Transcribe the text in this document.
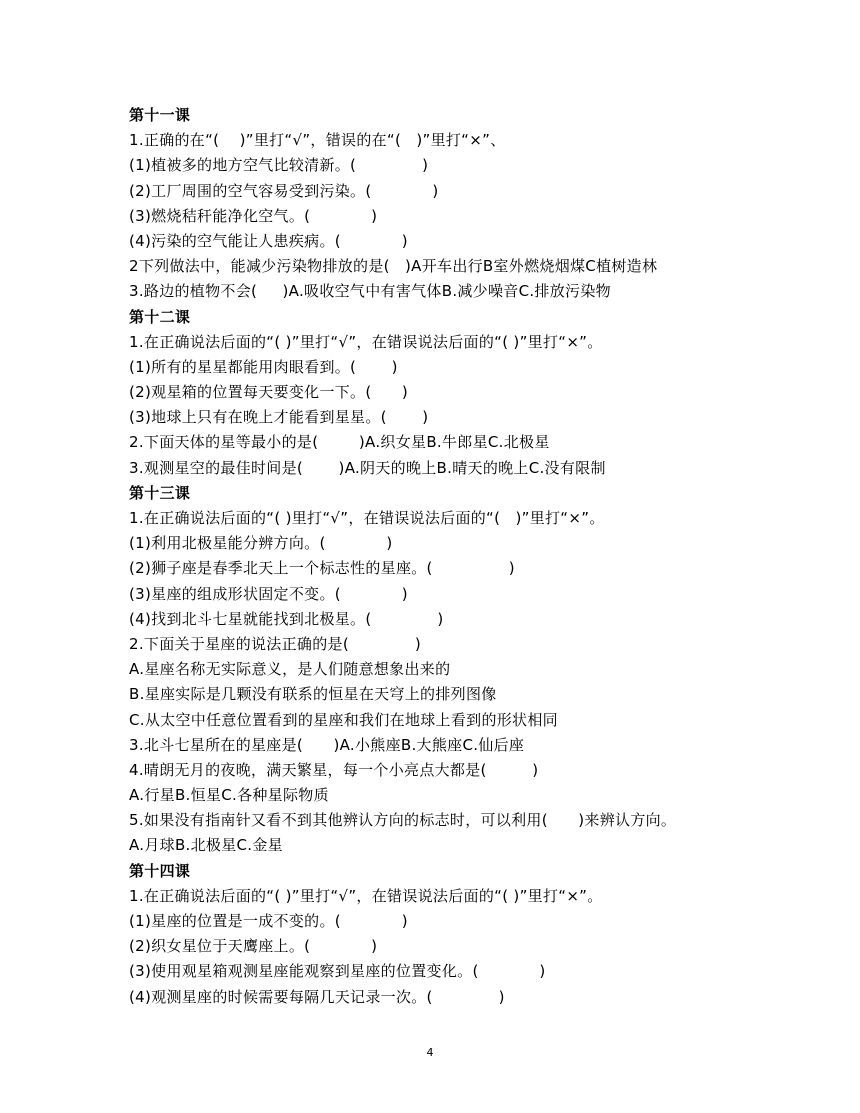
第十一课
1.正确的在“(    )”里打“√”，错误的在“(   )”里打“×”、
(1)植被多的地方空气比较清新。(             )
(2)工厂周围的空气容易受到污染。(            )
(3)燃烧秸秆能净化空气。(            )
(4)污染的空气能让人患疾病。(            )
2下列做法中，能减少污染物排放的是(   )A开车出行B室外燃烧烟煤C植树造林
3.路边的植物不会(     )A.吸收空气中有害气体B.减少噪音C.排放污染物
第十二课
1.在正确说法后面的“( )”里打“√”，在错误说法后面的“( )”里打“×”。
(1)所有的星星都能用肉眼看到。(       )
(2)观星箱的位置每天要变化一下。(      )
(3)地球上只有在晚上才能看到星星。(       )
2.下面天体的星等最小的是(        )A.织女星B.牛郎星C.北极星
3.观测星空的最佳时间是(       )A.阴天的晚上B.晴天的晚上C.没有限制
第十三课
1.在正确说法后面的“( )里打“√”，在错误说法后面的“(   )”里打“×”。
(1)利用北极星能分辨方向。(            )
(2)狮子座是春季北天上一个标志性的星座。(               )
(3)星座的组成形状固定不变。(            )
(4)找到北斗七星就能找到北极星。(             )
2.下面关于星座的说法正确的是(             )
A.星座名称无实际意义，是人们随意想象出来的
B.星座实际是几颗没有联系的恒星在天穹上的排列图像
C.从太空中任意位置看到的星座和我们在地球上看到的形状相同
3.北斗七星所在的星座是(      )A.小熊座B.大熊座C.仙后座
4.晴朗无月的夜晚，满天繁星，每一个小亮点大都是(         )
A.行星B.恒星C.各种星际物质
5.如果没有指南针又看不到其他辨认方向的标志时，可以利用(      )来辨认方向。
A.月球B.北极星C.金星
第十四课
1.在正确说法后面的“( )”里打“√”，在错误说法后面的“( )”里打“×”。
(1)星座的位置是一成不变的。(            )
(2)织女星位于天鹰座上。(            )
(3)使用观星箱观测星座能观察到星座的位置变化。(            )
(4)观测星座的时候需要每隔几天记录一次。(             )
4
